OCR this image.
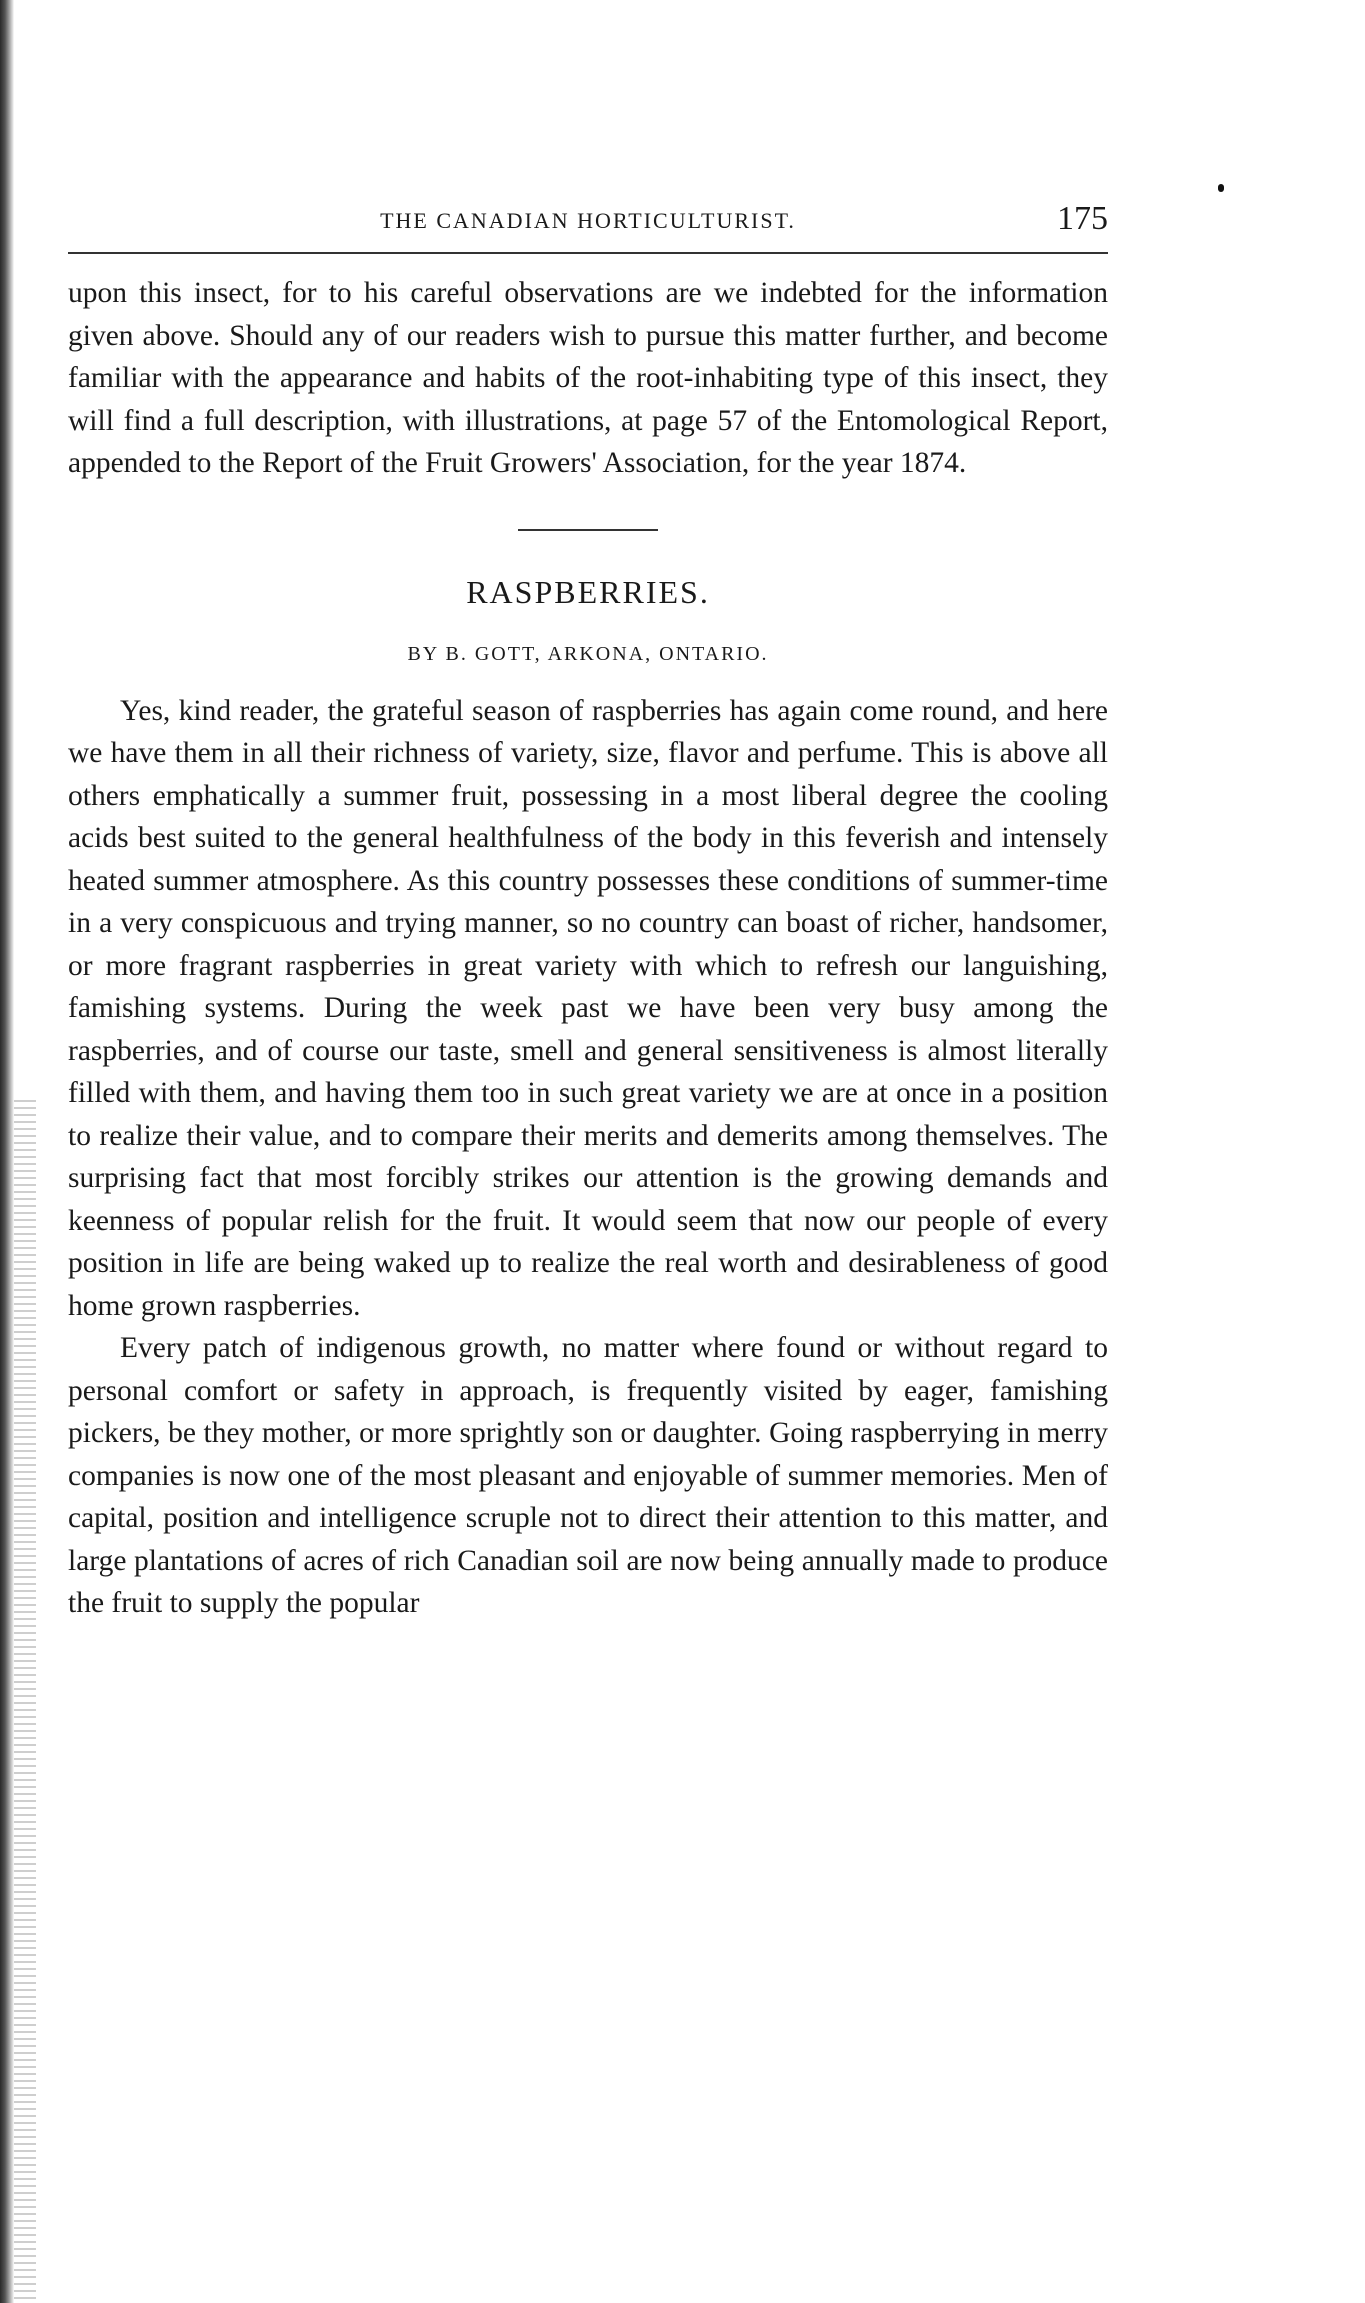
THE CANADIAN HORTICULTURIST.	175

upon this insect, for to his careful observations are we indebted for the information given above. Should any of our readers wish to pursue this matter further, and become familiar with the appearance and habits of the root-inhabiting type of this insect, they will find a full description, with illustrations, at page 57 of the Entomological Report, appended to the Report of the Fruit Growers' Association, for the year 1874.

RASPBERRIES.
BY B. GOTT, ARKONA, ONTARIO.

Yes, kind reader, the grateful season of raspberries has again come round, and here we have them in all their richness of variety, size, flavor and perfume. This is above all others emphatically a summer fruit, possessing in a most liberal degree the cooling acids best suited to the general healthfulness of the body in this feverish and intensely heated summer atmosphere. As this country possesses these conditions of summer-time in a very conspicuous and trying manner, so no country can boast of richer, handsomer, or more fragrant raspberries in great variety with which to refresh our languishing, famishing systems. During the week past we have been very busy among the raspberries, and of course our taste, smell and general sensitiveness is almost literally filled with them, and having them too in such great variety we are at once in a position to realize their value, and to compare their merits and demerits among themselves. The surprising fact that most forcibly strikes our attention is the growing demands and keenness of popular relish for the fruit. It would seem that now our people of every position in life are being waked up to realize the real worth and desirableness of good home grown raspberries.

Every patch of indigenous growth, no matter where found or without regard to personal comfort or safety in approach, is frequently visited by eager, famishing pickers, be they mother, or more sprightly son or daughter. Going raspberrying in merry companies is now one of the most pleasant and enjoyable of summer memories. Men of capital, position and intelligence scruple not to direct their attention to this matter, and large plantations of acres of rich Canadian soil are now being annually made to produce the fruit to supply the popular
